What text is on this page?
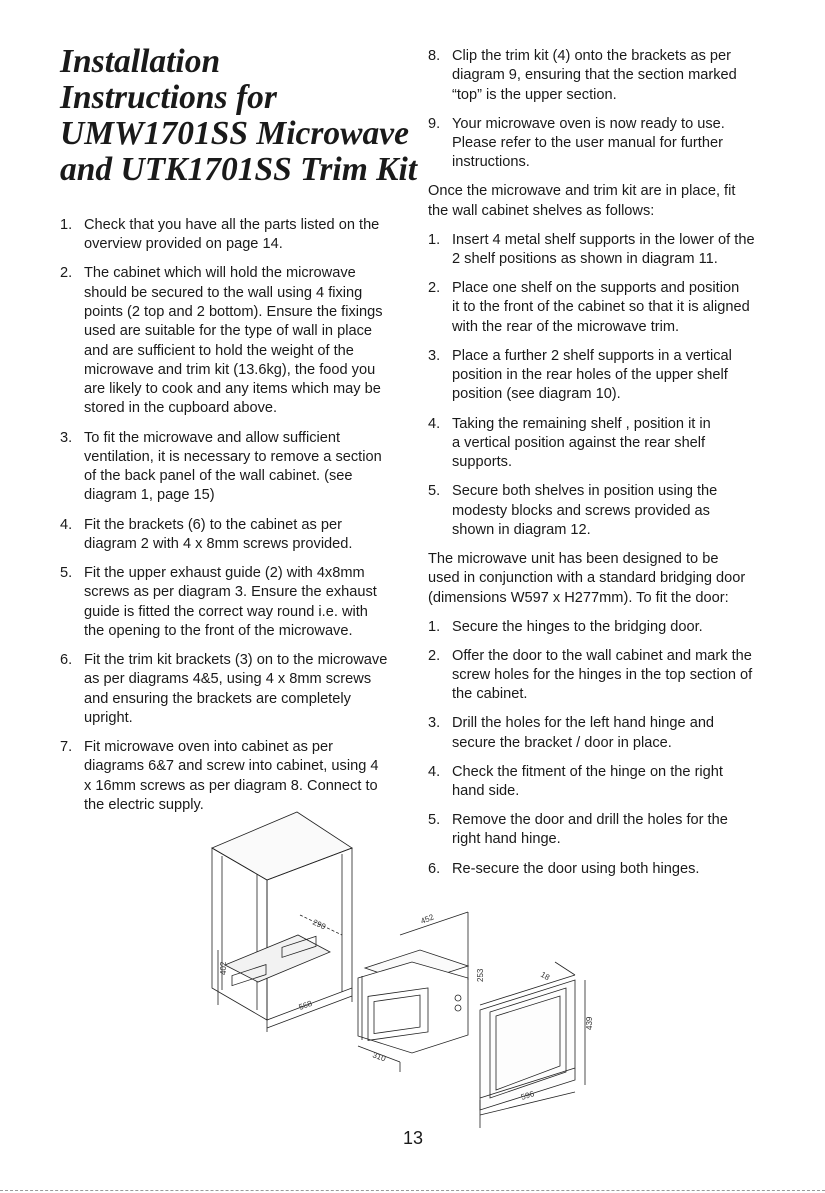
Installation
Instructions for
UMW1701SS Microwave
and UTK1701SS Trim Kit
1. Check that you have all the parts listed on the
overview provided on page 14.
2. The cabinet which will hold the microwave
should be secured to the wall using 4 fixing
points (2 top and 2 bottom). Ensure the fixings
used are suitable for the type of wall in place
and are sufficient to hold the weight of the
microwave and trim kit (13.6kg), the food you
are likely to cook and any items which may be
stored in the cupboard above.
3. To fit the microwave and allow sufficient
ventilation, it is necessary to remove a section
of the back panel of the wall cabinet. (see
diagram 1, page 15)
4. Fit the brackets (6) to the cabinet as per
diagram 2 with 4 x 8mm screws provided.
5. Fit the upper exhaust guide (2) with 4x8mm
screws as per diagram 3. Ensure the exhaust
guide is fitted the correct way round i.e. with
the opening to the front of the microwave.
6. Fit the trim kit brackets (3) on to the microwave
as per diagrams 4&5, using 4 x 8mm screws
and ensuring the brackets are completely
upright.
7. Fit microwave oven into cabinet as per
diagrams 6&7 and screw into cabinet, using 4
x 16mm screws as per diagram 8. Connect to
the electric supply.
8. Clip the trim kit (4) onto the brackets as per
diagram 9, ensuring that the section marked
“top” is the upper section.
9. Your microwave oven is now ready to use.
Please refer to the user manual for further
instructions.

Once the microwave and trim kit are in place, fit
the wall cabinet shelves as follows:

1. Insert 4 metal shelf supports in the lower of the
2 shelf positions as shown in diagram 11.
2. Place one shelf on the supports and position
it to the front of the cabinet so that it is aligned
with the rear of the microwave trim.
3. Place a further 2 shelf supports in a vertical
position in the rear holes of the upper shelf
position (see diagram 10).
4. Taking the remaining shelf , position it in
a vertical position against the rear shelf
supports.
5. Secure both shelves in position using the
modesty blocks and screws provided as
shown in diagram 12.

The microwave unit has been designed to be
used in conjunction with a standard bridging door
(dimensions W597 x H277mm). To fit the door:

1. Secure the hinges to the bridging door.
2. Offer the door to the wall cabinet and mark the
screw holes for the hinges in the top section of
the cabinet.
3. Drill the holes for the left hand hinge and
secure the bracket / door in place.
4. Check the fitment of the hinge on the right
hand side.
5. Remove the door and drill the holes for the
right hand hinge.
6. Re-secure the door using both hinges.
290
402
568
452
253
310
18
439
596
13
